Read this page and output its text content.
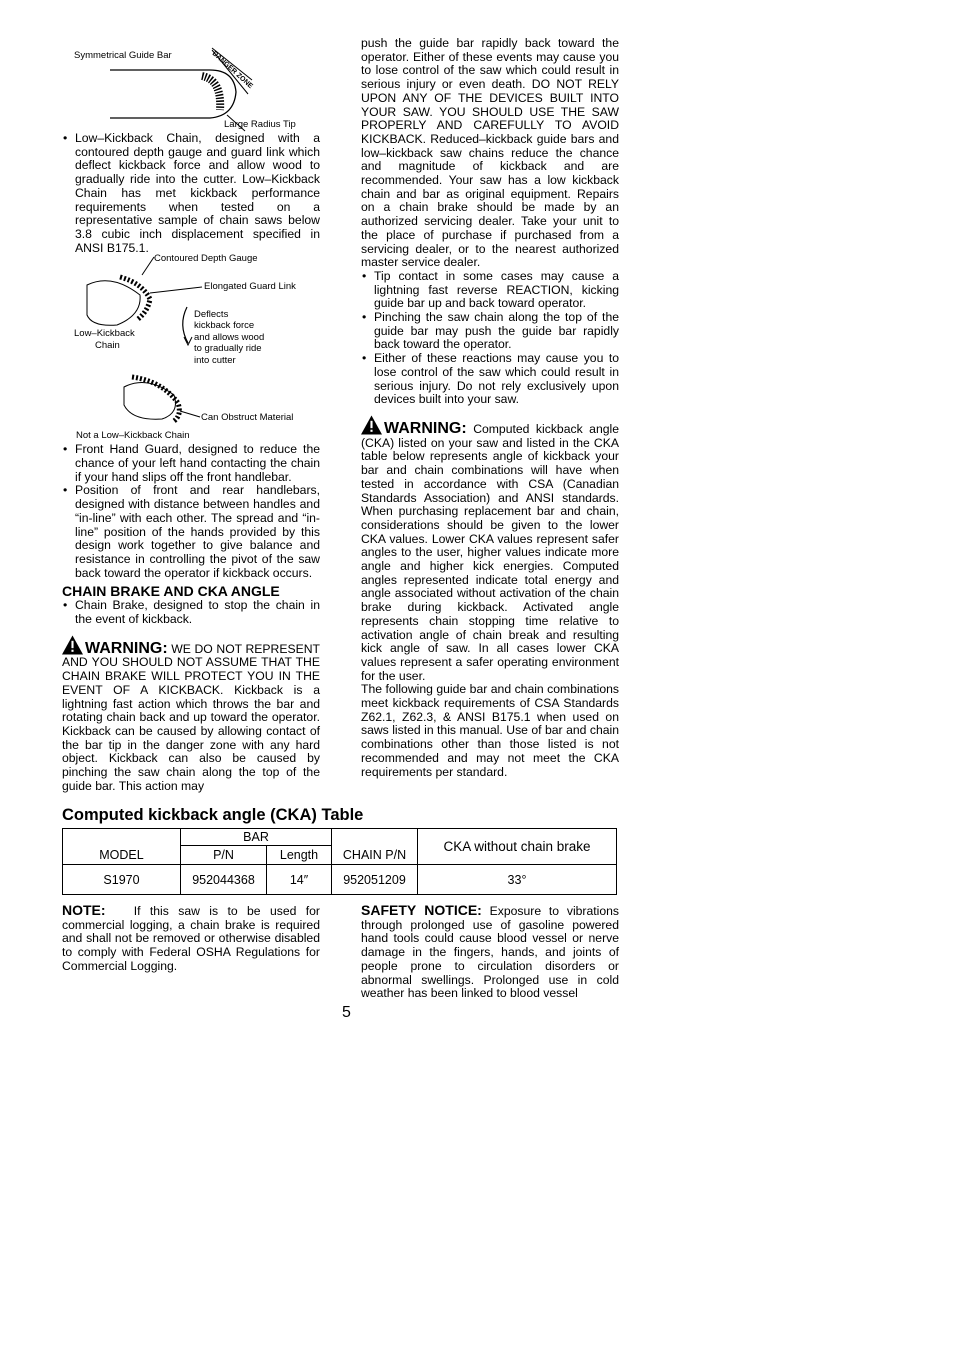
Symmetrical Guide Bar	DANGER ZONE
Large Radius Tip
• Low–Kickback Chain, designed with a contoured depth gauge and guard link which deflect kickback force and allow wood to gradually ride into the cutter. Low–Kickback Chain has met kickback performance requirements when tested on a representative sample of chain saws below 3.8 cubic inch displacement specified in ANSI B175.1.
Contoured Depth Gauge
Elongated Guard Link
Low–Kickback
Chain
Deflects
kickback force
and allows wood
to gradually ride
into cutter
Can Obstruct Material
Not a Low–Kickback Chain
• Front Hand Guard, designed to reduce the chance of your left hand contacting the chain if your hand slips off the front handlebar.
• Position of front and rear handlebars, designed with distance between handles and “in-line” with each other. The spread and “in-line” position of the hands provided by this design work together to give balance and resistance in controlling the pivot of the saw back toward the operator if kickback occurs.
CHAIN BRAKE AND CKA ANGLE
• Chain Brake, designed to stop the chain in the event of kickback.

WARNING: WE DO NOT REPRESENT AND YOU SHOULD NOT ASSUME THAT THE CHAIN BRAKE WILL PROTECT YOU IN THE EVENT OF A KICKBACK. Kickback is a lightning fast action which throws the bar and rotating chain back and up toward the operator. Kickback can be caused by allowing contact of the bar tip in the danger zone with any hard object. Kickback can also be caused by pinching the saw chain along the top of the guide bar. This action may

push the guide bar rapidly back toward the operator. Either of these events may cause you to lose control of the saw which could result in serious injury or even death. DO NOT RELY UPON ANY OF THE DEVICES BUILT INTO YOUR SAW. YOU SHOULD USE THE SAW PROPERLY AND CAREFULLY TO AVOID KICKBACK. Reduced–kickback guide bars and low–kickback saw chains reduce the chance and magnitude of kickback and are recommended. Your saw has a low kickback chain and bar as original equipment. Repairs on a chain brake should be made by an authorized servicing dealer. Take your unit to the place of purchase if purchased from a servicing dealer, or to the nearest authorized master service dealer.

• Tip contact in some cases may cause a lightning fast reverse REACTION, kicking guide bar up and back toward operator.
• Pinching the saw chain along the top of the guide bar may push the guide bar rapidly back toward the operator.
• Either of these reactions may cause you to lose control of the saw which could result in serious injury. Do not rely exclusively upon devices built into your saw.

WARNING: Computed kickback angle (CKA) listed on your saw and listed in the CKA table below represents angle of kickback your bar and chain combinations will have when tested in accordance with CSA (Canadian Standards Association) and ANSI standards. When purchasing replacement bar and chain, considerations should be given to the lower CKA values. Lower CKA values represent safer angles to the user, higher values indicate more angle and higher kick energies. Computed angles represented indicate total energy and angle associated without activation of the chain brake during kickback. Activated angle represents chain stopping time relative to activation angle of chain break and resulting kick angle of saw. In all cases lower CKA values represent a safer operating environment for the user.

The following guide bar and chain combinations meet kickback requirements of CSA Standards Z62.1, Z62.3, & ANSI B175.1 when used on saws listed in this manual. Use of bar and chain combinations other than those listed is not recommended and may not meet the CKA requirements per standard.

Computed kickback angle (CKA) Table
MODEL	BAR		CHAIN P/N	CKA without chain brake
	P/N	Length		
S1970	952044368	14″	952051209	33°

NOTE: If this saw is to be used for commercial logging, a chain brake is required and shall not be removed or otherwise disabled to comply with Federal OSHA Regulations for Commercial Logging.

SAFETY NOTICE: Exposure to vibrations through prolonged use of gasoline powered hand tools could cause blood vessel or nerve damage in the fingers, hands, and joints of people prone to circulation disorders or abnormal swellings. Prolonged use in cold weather has been linked to blood vessel

5
